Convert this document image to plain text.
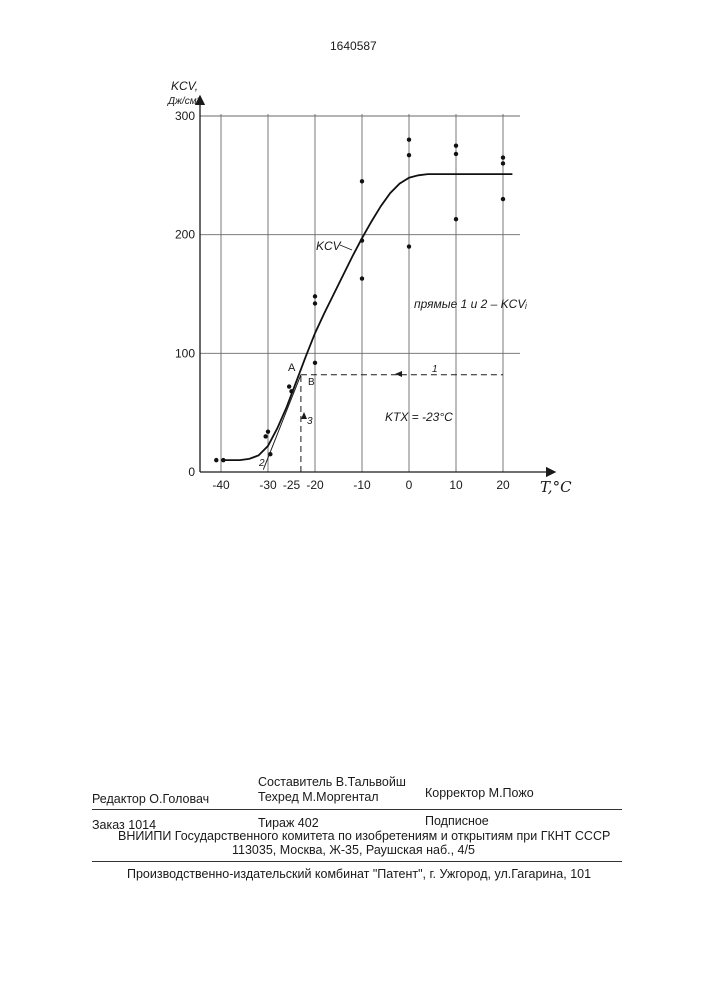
1640587
-40 -30 -25 -20 -10	0	10	20
0
100
200
300
T,°C
KCV,
Дж/см²
KCV
прямые 1 и 2 – KCVᵢ
KTX = -23°C
A
B
1
2
3
Составитель В.Тальвойш
Редактор О.Головач	Техред М.Моргентал	Корректор М.Пожо
Заказ 1014	Тираж 402	Подписное
ВНИИПИ Государственного комитета по изобретениям и открытиям при ГКНТ СССР
113035, Москва, Ж-35, Раушская наб., 4/5
Производственно-издательский комбинат "Патент", г. Ужгород, ул.Гагарина, 101
